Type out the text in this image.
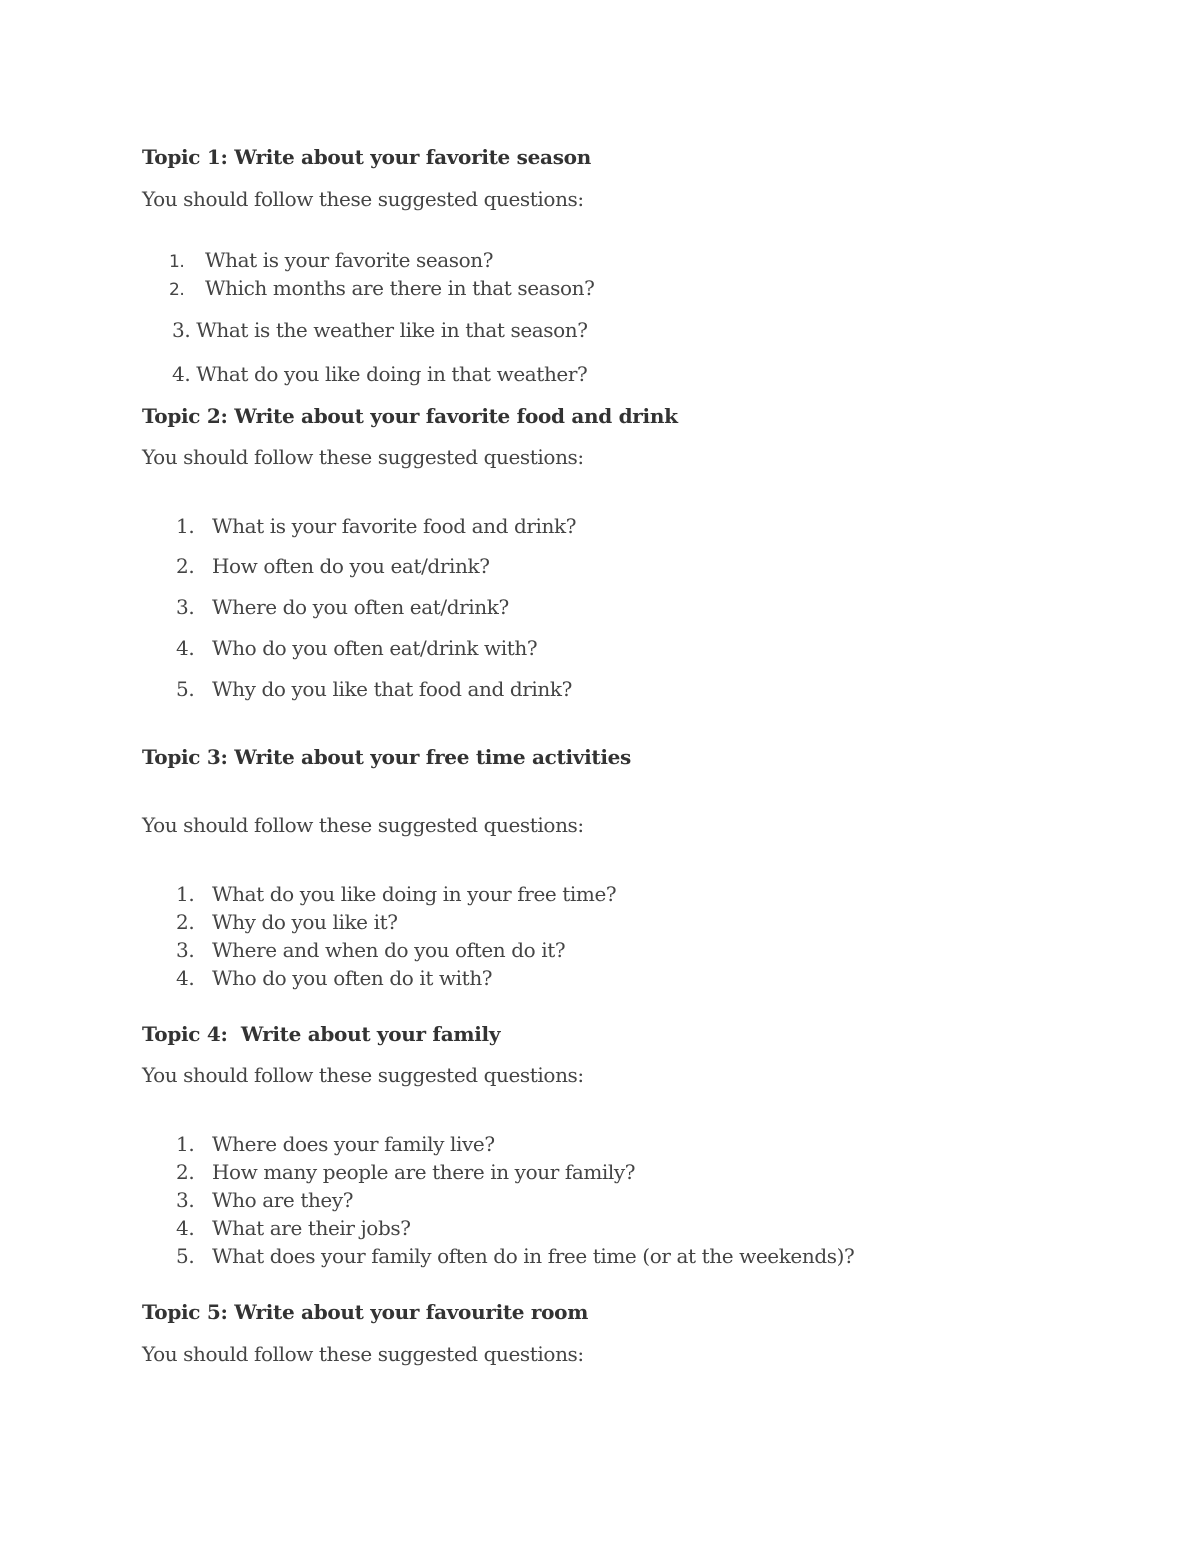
Topic 1: Write about your favorite season
You should follow these suggested questions:
1. What is your favorite season?
2. Which months are there in that season?
3. What is the weather like in that season?
4. What do you like doing in that weather?
Topic 2: Write about your favorite food and drink
You should follow these suggested questions:
1. What is your favorite food and drink?
2. How often do you eat/drink?
3. Where do you often eat/drink?
4. Who do you often eat/drink with?
5. Why do you like that food and drink?
Topic 3: Write about your free time activities
You should follow these suggested questions:
1. What do you like doing in your free time?
2. Why do you like it?
3. Where and when do you often do it?
4. Who do you often do it with?
Topic 4:  Write about your family
You should follow these suggested questions:
1. Where does your family live?
2. How many people are there in your family?
3. Who are they?
4. What are their jobs?
5. What does your family often do in free time (or at the weekends)?
Topic 5: Write about your favourite room
You should follow these suggested questions:
